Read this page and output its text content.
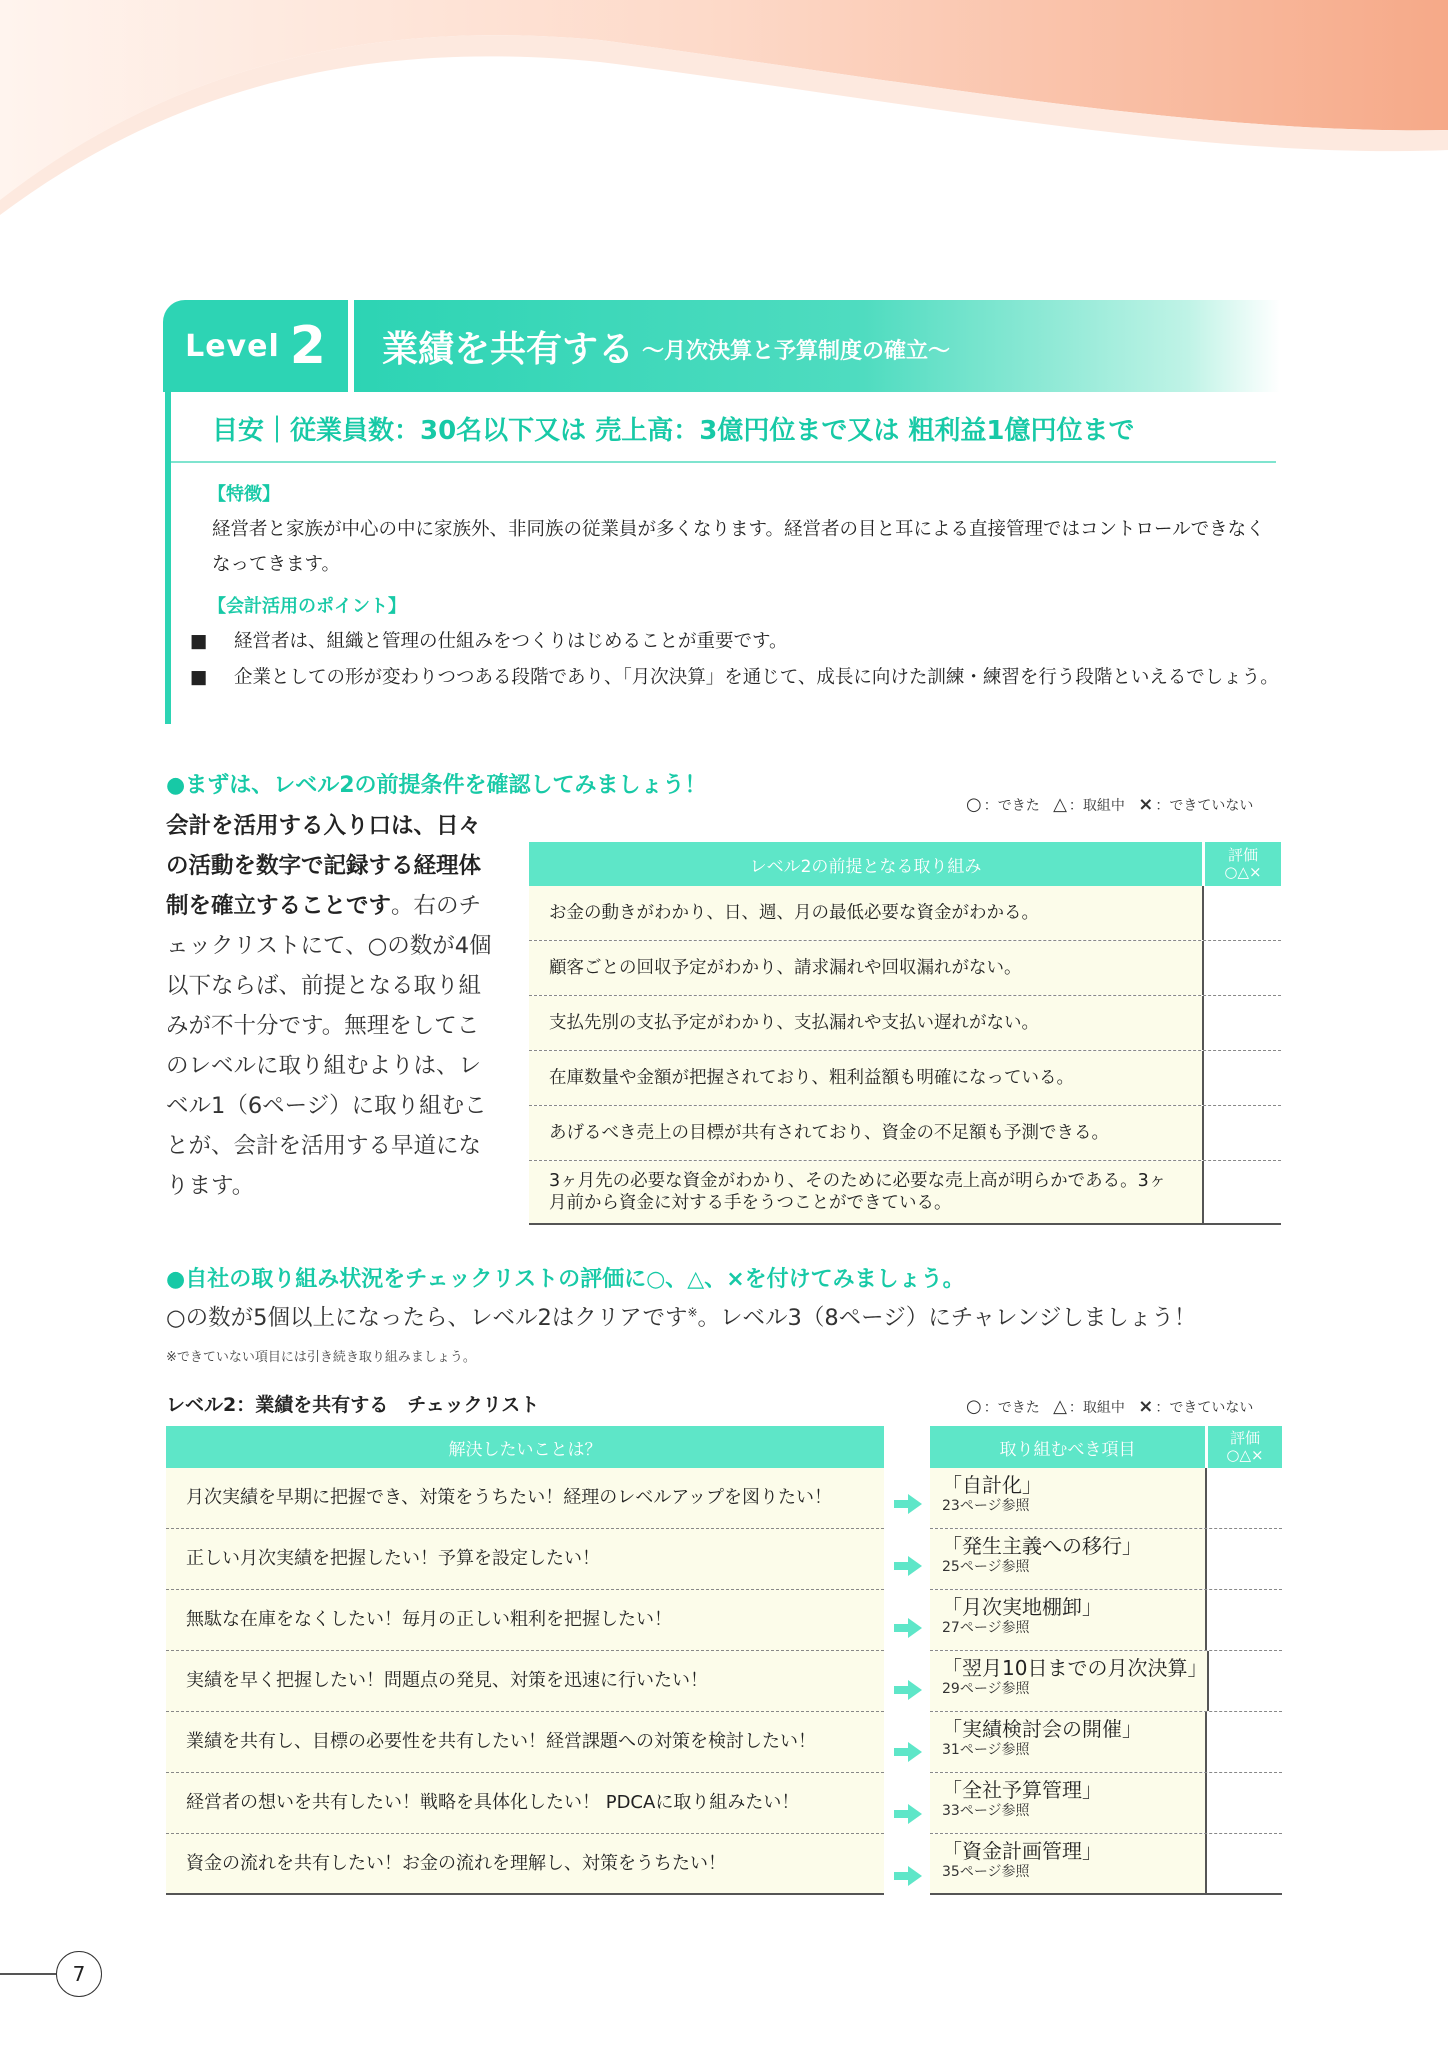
Level 2 業績を共有する ～月次決算と予算制度の確立～
目安｜従業員数：30名以下又は 売上高：3億円位まで又は 粗利益1億円位まで
【特徴】
経営者と家族が中心の中に家族外、非同族の従業員が多くなります。経営者の目と耳による直接管理ではコントロールできなくなってきます。
【会計活用のポイント】
■ 経営者は、組織と管理の仕組みをつくりはじめることが重要です。
■ 企業としての形が変わりつつある段階であり、「月次決算」を通じて、成長に向けた訓練・練習を行う段階といえるでしょう。
●まずは、レベル2の前提条件を確認してみましょう！
○ ：できた △ ：取組中 × ：できていない
会計を活用する入り口は、日々の活動を数字で記録する経理体制を確立することです。右のチェックリストにて、○の数が4個以下ならば、前提となる取り組みが不十分です。無理をしてこのレベルに取り組むよりは、レベル1（6ページ）に取り組むことが、会計を活用する早道になります。
レベル2の前提となる取り組み
評価
○△×
お金の動きがわかり、日、週、月の最低必要な資金がわかる。
顧客ごとの回収予定がわかり、請求漏れや回収漏れがない。
支払先別の支払予定がわかり、支払漏れや支払い遅れがない。
在庫数量や金額が把握されており、粗利益額も明確になっている。
あげるべき売上の目標が共有されており、資金の不足額も予測できる。
3ヶ月先の必要な資金がわかり、そのために必要な売上高が明らかである。3ヶ月前から資金に対する手をうつことができている。
●自社の取り組み状況をチェックリストの評価に○、△、×を付けてみましょう。
○の数が5個以上になったら、レベル2はクリアです※。レベル3（8ページ）にチャレンジしましょう！
※できていない項目には引き続き取り組みましょう。
レベル2：業績を共有する　チェックリスト	○ ：できた △ ：取組中 × ：できていない
解決したいことは？
月次実績を早期に把握でき、対策をうちたい！経理のレベルアップを図りたい！
正しい月次実績を把握したい！予算を設定したい！
無駄な在庫をなくしたい！毎月の正しい粗利を把握したい！
実績を早く把握したい！問題点の発見、対策を迅速に行いたい！
業績を共有し、目標の必要性を共有したい！経営課題への対策を検討したい！
経営者の想いを共有したい！戦略を具体化したい！ PDCAに取り組みたい！
資金の流れを共有したい！お金の流れを理解し、対策をうちたい！
取り組むべき項目
評価
○△×
「自計化」
23ページ参照
「発生主義への移行」
25ページ参照
「月次実地棚卸」
27ページ参照
「翌月10日までの月次決算」
29ページ参照
「実績検討会の開催」
31ページ参照
「全社予算管理」
33ページ参照
「資金計画管理」
35ページ参照
7
